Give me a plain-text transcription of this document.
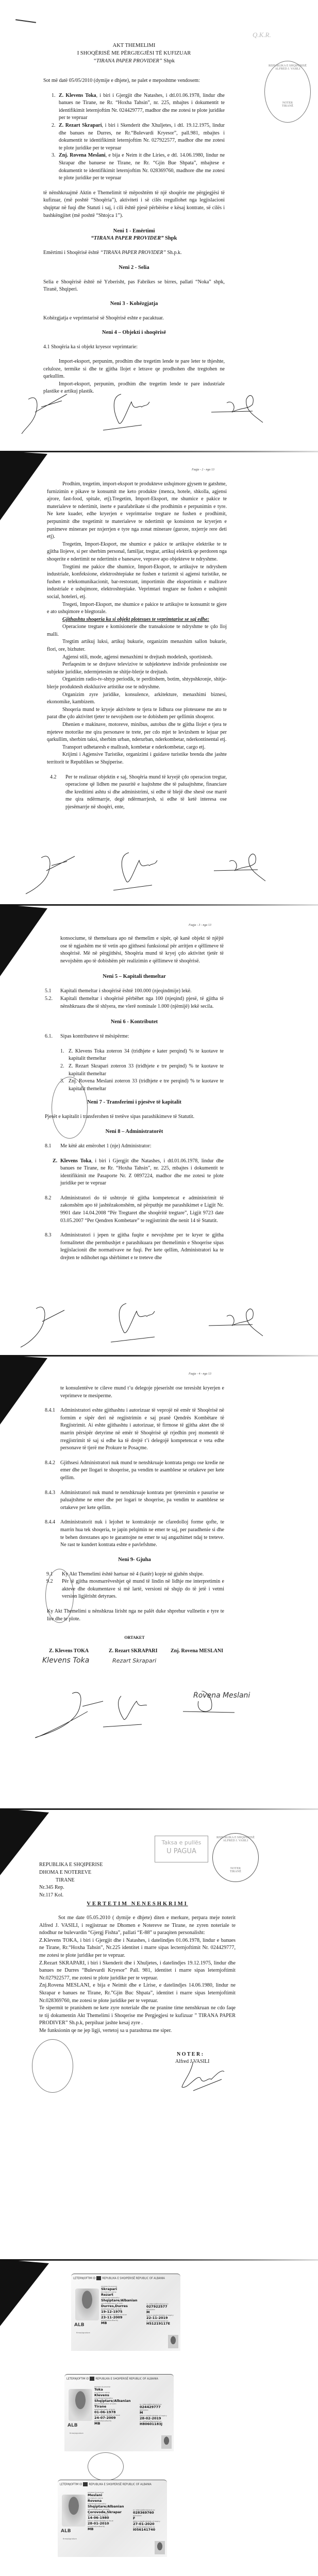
Q.K.R.
REPUBLIKA E SHQIPËRISË
ALFRED J. VASILI
NOTER
TIRANË
AKT THEMELIMI
I SHOQËRISË ME PËRGJEGJËSI TË KUFIZUAR
“TIRANA PAPER PROVIDER” Shpk
Sot më datë 05/05/2010 (dymije e dhjete), ne palet e meposhtme vendosem:
1. Z. Klevens Toka, i biri i Gjergjit dhe Natashes, i dtl.01.06.1978, lindur dhe banues ne Tirane, ne Rr. “Hoxha Tahsin”, nr. 225, mbajtes i dokumentit te identifikimit leternjoftim Nr. 024429777, madhor dhe me zotesi te plote juridike per te vepruar
2. Z. Rezart Skrapari, i biri i Skenderit dhe Xhuljetes, i dtl. 19.12.1975, lindur dhe banues ne Durres, ne Rr.“Bulevardi Kryesor”, pall.981, mbajtes i dokumentit te identifikimit leternjoftim Nr. 027922577, madhor dhe me zotesi te plote juridike per te vepruar
3. Znj. Rovena Meslani, e bija e Neim it dhe Liries, e dtl. 14.06.1980, lindur ne Skrapar dhe banuese ne Tirane, ne Rr. “Gjin Bue Shpata”, mbajtese e dokumentit te identifikimit leternjoftim Nr. 028369760, madhore dhe me zotesi te plote juridike per te vepruar
të nënshkruajmë Aktin e Themelimit të mëposhtëm të një shoqërie me përgjegjësi të kufizuar, (më poshtë “Shoqëria”), aktiviteti i së cilës rregullohet nga legjislacioni shqiptar në fuqi dhe Statuti i saj, i cili është pjesë përbërëse e kësaj kontrate, së cilës i bashkëngjitet (më poshtë “Shtojca 1”).
Neni 1 - Emërtimi
“TIRANA PAPER PROVIDER” Shpk
Emërtimi i Shoqërisë është “TIRANA PAPER PROVIDER” Sh.p.k.
Neni 2 - Selia
Selia e Shoqërisë është në Yzberisht, pas Fabrikes se birres, pallati “Noka” shpk, Tiranë, Shqiperi.
Neni 3 - Kohëzgjatja
Kohëzgjatja e veprimtarisë së Shoqërisë eshte e pacaktuar.
Neni 4 – Objekti i shoqërisë
4.1 Shoqëria ka si objekt kryesor veprimtarie:
Import-eksport, perpunim, prodhim dhe tregetim lende te pare leter te thjeshte, celuloze, termike si dhe te gjitha llojet e letrave qe prodhohen dhe tregtohen ne qarkullim.
Import-eksport, perpunim, prodhim dhe tregetim lende te pare industriale plastike e artikuj plastik.
Faqja - 2 - nga 13
Prodhim, tregetim, import-eksport te produkteve ushqimore gjysem te gatshme, furnizimin e pikave te konsumit me keto produkte (menca, hotele, shkolla, agjensi ajrore, fast-food, spitale, etj).Tregetim, Import-Eksport, me shumice e pakice te materialeve te ndertimit, inerte e parafabrikate si dhe prodhimin e perpunimin e tyre. Ne kete kuader, edhe kryerjen e veprimtarise tregtare ne fushen e prodhimit, perpunimit dhe tregetimit te materialeve te ndertimit qe konsiston ne kryerjen e punimeve minerare per nxjerrjen e tyre nga zonat minerare (gurore, nxjerrje rere deti etj).
Tregetim, Import-Eksport, me shumice e pakice te artikujve elektrike te te gjitha llojeve, si per sherbim personal, familjar, tregtar, artikuj elektrik qe perdoren nga shoqerite e ndertimit ne ndertimin e banesave, veprave apo objekteve te ndryshme.
Tregtimi me pakice dhe shumice, Import-Eksport, te artikujve te ndryshem industriale, konfeksione, elektroshtepiake ne fushen e turizmit si agjensi turistike, ne fushen e telekomunikacionit, bar-restorant, importimin dhe eksportimin e mallrave industriale e ushqimore, elektroshtepiake. Veprimtari tregtare ne fushen e ushqimit social, hoteleri, etj.
Tregeti, Import-Eksport, me shumice e pakice te artikujve te konsumit te gjere e ato ushqimore e blegtorale.
Gjithashtu shoqeria ka si objekt plotesues te veprimtarise se saj edhe:
Operacione tregtare e komisionerie dhe transaksione te ndryshme te çdo lloj malli.
Tregtim artikuj luksi, artikuj bukurie, organizim menaxhim sallon bukurie, flori, ore, bizhuter.
Agjensi stili, mode, agjensi menaxhimi te drejtash modelesh, sportistesh.
Perfaqesim te se drejtave televizive te subjekteteve individe profesioniste ose subjekte juridike, ndermjetesim ne shitje-blerje te drejtash.
Organizim radio-tv-shtyp periodik, te perditshem, botim, shtypshkronje, shitje-blerje produktesh ekskluzive artistike ose te ndryshme.
Organizim zyre juridike, konsulence, arkitekture, menaxhimi biznesi, ekonomike, kambizem.
Shoqeria mund te kryeje aktivitete te tjera te lidhura ose plotesuese me ato te parat dhe çdo aktivitet tjeter te nevojshem ose te dobishem per qellimin shoqeror.
Dhenien e makinave, motoreve, minibus, autobus dhe te gjitha llojet e tjera te mjeteve motorike me qira personave te trete, per cdo mjet te levizshem te lejuar per qarkullim, sherbim taksi, sherbim urban, nderurban, nderkombetar, nderkontinental etj.
Transport udhetaresh e mallrash, kombetar e nderkombetar, cargo etj.
Krijimi i Agjensive Turistike, organizimi i guidave turistike brenda dhe jashte territorit te Republikes se Shqiperise.
4.2	Per te realizuar objektin e saj, Shoqëria mund të kryejë çdo operacion tregtar, operacione që lidhen me pasuritë e luajtshme dhe të paluajtshme, financiare dhe kreditimi ashtu si dhe administrimi, si edhe të blejë dhe shesë ose marrë me qira ndërmarrje, degë ndërmarrjesh, si edhe të ketë interesa ose pjesëmarrje në shoqëri, ente,
Faqja - 3 - nga 13
konsociume, të themeluara apo në themelim e sipër, që kanë objekt të njëjtë ose të ngjashëm me të vetin apo gjithsesi funksional për arritjen e qëllimeve të shoqërisë. Më në përgjithësi, Shoqëria mund të kryej çdo aktivitet tjetër të nevojshëm apo të dobishëm për realizimin e qëllimeve të shoqërisë.
Neni 5 – Kapitali themeltar
5.1	Kapitali themeltar i shoqërisë është 100.000 (njeqindmije) lekë.
5.2.	Kapitali themeltar i shoqërisë përbëhet nga 100 (njeqind) pjesë, të gjitha të nënshkruara dhe të shlyera, me vlerë nominale 1.000 (njëmijë) lekë secila.
Neni 6 - Kontributet
6.1.	Sipas kontributeve të mësipërme:
1. Z. Klevens Toka zoteron 34 (tridhjete e kater perqind) % te kuotave te kapitalit themeltar
2. Z. Rezart Skrapari zoteron 33 (tridhjete e tre perqind) % te kuotave te kapitalit themeltar
3. Znj. Rovena Meslani zoteron 33 (tridhjete e tre perqind) % te kuotave te kapitalit themeltar
Neni 7 - Transferimi i pjesëve të kapitalit
Pjesët e kapitalit i transferohen të tretëve sipas parashikimeve të Statutit.
Neni 8 – Administratorët
8.1	Me këtë akt emërohet 1 (nje) Administrator:
Z. Klevens Toka, i biri i Gjergjit dhe Natashes, i dtl.01.06.1978, lindur dhe banues ne Tirane, ne Rr. “Hoxha Tahsin”, nr. 225, mbajtes i dokumentit te identifikimit me Pasaporte Nr. Z 0897224, madhor dhe me zotesi te plote juridike per te vepruar
8.2	Administratori do të ushtroje të gjitha kompetencat e administrimit të zakonshëm apo të jashtëzakonshëm, në përputhje me parashikimet e Ligjit Nr. 9901 date 14.04.2008 “Për Tregtaret dhe shoqëritë tregtare”, Ligjit 9723 date 03.05.2007 “Per Qendren Kombetare” te regjistrimit dhe nenit 14 të Statutit.
8.3	Administratori i jepen te gjitha fuqite e nevojshme per te kryer te gjitha formalitetet dhe permbushjet e parashikuara per themelimin e Shoqerise sipas legjislacionit dhe normativave ne fuqi. Per kete qellim, Administratori ka te drejten te ndihohet nga shërbimet e te treteve dhe
Faqja - 4 - nga 13
te konsulentëve te cileve mund t’u delegoje pjeserisht ose teresisht kryerjen e veprimeve te mesiperme.
8.4.1	Administratori eshte gjithashtu i autorizuar të veprojë në emër të Shoqërisë në formim e sipër deri në regjistrimin e saj pranë Qendrës Kombëtare të Regjistrimit. Ai eshte gjithashtu i autorizuar, të firmose të gjitha aktet dhe të marrin përsipër detyrime në emër të Shoqërisë që rrjedhin prej momentit të rregjistrimit të saj si edhe ka të drejtë t’i delegojë kompetencat e veta edhe personave të tjerë me Prokure te Posaçme.
8.4.2	Gjithsesi Administratori nuk mund te nenshkruaje kontrata pengu ose kredie ne emer dhe per llogari te shoqerise, pa vendim te asamblese se ortakeve per kete qellim.
8.4.3	Administratori nuk mund te nenshkruaje kontrata per tjetersimin e pasurise se paluajtshme ne emer dhe per logari te shoqerise, pa vendim te asamblese se ortakeve per kete qellim.
8.4.4	Administratorit nuk i lejohet te kontraktoje ne cfaredolloj forme qofte, te marrin hua tek shoqeria, te japin pelqimin ne emer te saj, per paradhenie si dhe te behen dorezanes apo te garantojne ne emer te saj angazhimet ndaj te treteve. Ne rast te kundert kontrata eshte e pavlefshme.
Neni 9- Gjuha
9.1	Ky Akt Themelimi është hartuar në 4 (katër) kopje në gjuhën shqipe.
9.2	Për të gjitha mosmarrëveshjet që mund të lindin në lidhje me interpretimin e akteve dhe dokumentave si më lartë, versioni në shqip do të jetë i vetmi version ligjërisht detyrues.
Ky Akt Themelimi u nënshkrua lirisht nga ne palët duke shprehur vullnetin e tyre te lire dhe te plote.
ORTAKET
Z. Klevens TOKA	Z. Rezart SKRAPARI	Znj. Rovena MESLANI
Klevens Toka	Rezart Skrapari
Rovena Meslani
Taksa e pullës
U PAGUA
REPUBLIKA E SHQIPËRISË
ALFRED J. VASILI
NOTER
TIRANË
REPUBLIKA E SHQIPERISE
DHOMA E NOTEREVE
TIRANE
Nr.345 Rep.
Nr.117 Kol.
VERTETIM NENESHKRIMI
Sot me date 05.05.2010 ( dymije e dhjete) diten e merkure, perpara meje noterit Alfred J. VASILI, i regjistruar ne Dhomen e Notereve ne Tirane, ne zyren noteriale te ndodhur ne bulevardin “Gjergj Fishta”, pallati “E-88” u paraqiten personalisht:
Z.Klevens TOKA, i biri i Gjergjit dhe i Natashes, i datelindjes 01.06.1978, lindur e banues ne Tirane, Rr.“Hoxha Tahsin”, Nr.225 identitet i marre sipas lecternjoftimit Nr. 024429777, me zotesi te plote juridike per te vepruar.
Z.Rezart SKRAPARI, i biri i Skenderit dhe i Xhuljetes, i datelindjes 19.12.1975, lindur dhe banues ne Durres “Bulevardi Kryesor” Pall. 981, identitet i marre sipas leternjoftimit Nr.027922577, me zotesi te plote juridike per te vepruar.
Znj.Rovena MESLANI, e bija e Neimit dhe e Lirise, e datelindjes 14.06.1980, lindur ne Skrapar e banues ne Tirane, Rr.”Gjin Buc Shpata”, identitet i marre sipas leternjoftimit Nr.028369760, me zotesi te plote juridike per te vepruar.
Te sipermit te pranishem ne kete zyre noteriale dhe ne pranine time nenshkruan ne cdo faqe te tij dokumentin Akt Themelimi i Shoqerise me Pergjegjesi te kufizuar ” TIRANA PAPER PRODIVER” Sh.p.k, perpiluar jashte kesaj zyre .
Me funksionin qe ne jep ligji, vertetoj sa u parashtrua me siper.
N O T E R :
Alfred J.VASILI
LETERNJOFTIM ID	REPUBLIKA E SHQIPERISË REPUBLIC OF ALBANIA
ALB
firma/signature
mbiemri/surname
Skrapari
emri/given name
Rezart
shtetësia/nationality
Shqiptare/Albanian
vendlindja/place of birth
Durres,Durres
datëlindja/date of birth
19-12-1975
data e lëshimit/date of issue
23-11-2009
autoriteti/authority
MB
nr. leternjoftimit/card no
027922577
gjinia/sex
M
data e skadimit/date of expiry
22-11-2019
nr. personal/personal no
H51219117E
LETERNJOFTIM ID	REPUBLIKA E SHQIPERISË REPUBLIC OF ALBANIA
ALB
firma/signature
mbiemri/surname
Toka
emri/given name
Klevens
shtetësia/nationality
Shqiptare/Albanian
vendlindja/place of birth
Tirane
datëlindja/date of birth
01-06-1978
data e lëshimit/date of issue
24-07-2009
autoriteti/authority
MB
nr. leternjoftimit/card no
024429777
gjinia/sex
M
data e skadimit/date of expiry
28-02-2019
nr. personal/personal no
H80601183J
LETERNJOFTIM ID	REPUBLIKA E SHQIPERISË REPUBLIC OF ALBANIA
ALB
firma/signature
mbiemri/surname
Meslani
emri/given name
Rovena
shtetësia/nationality
Shqiptare/Albanian
vendlindja/place of birth
Çorovode,Skrapar
datëlindja/date of birth
14-06-1980
data e lëshimit/date of issue
28-01-2010
autoriteti/authority
MB
nr. leternjoftimit/card no
028369760
gjinia/sex
F
data e skadimit/date of expiry
27-01-2020
nr. personal/personal no
I056141740
